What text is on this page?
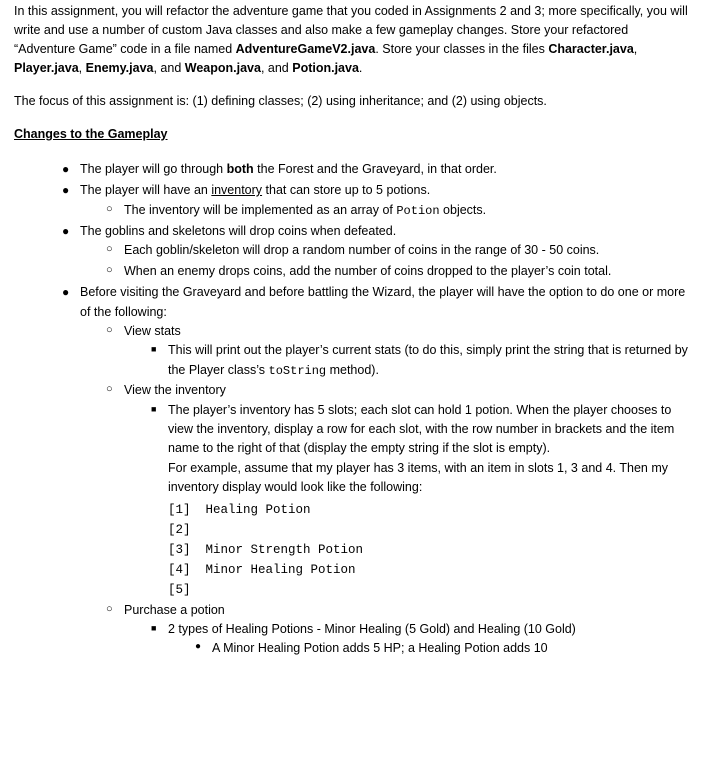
In this assignment, you will refactor the adventure game that you coded in Assignments 2 and 3; more specifically, you will write and use a number of custom Java classes and also make a few gameplay changes. Store your refactored “Adventure Game” code in a file named AdventureGameV2.java. Store your classes in the files Character.java, Player.java, Enemy.java, and Weapon.java, and Potion.java.

The focus of this assignment is: (1) defining classes; (2) using inheritance; and (2) using objects.

Changes to the Gameplay
● The player will go through both the Forest and the Graveyard, in that order.
● The player will have an inventory that can store up to 5 potions.
○ The inventory will be implemented as an array of Potion objects.
● The goblins and skeletons will drop coins when defeated.
○ Each goblin/skeleton will drop a random number of coins in the range of 30 - 50 coins.
○ When an enemy drops coins, add the number of coins dropped to the player’s coin total.
● Before visiting the Graveyard and before battling the Wizard, the player will have the option to do one or more of the following:
○ View stats
■ This will print out the player’s current stats (to do this, simply print the string that is returned by the Player class’s toString method).
○ View the inventory
■ The player’s inventory has 5 slots; each slot can hold 1 potion. When the player chooses to view the inventory, display a row for each slot, with the row number in brackets and the item name to the right of that (display the empty string if the slot is empty).
For example, assume that my player has 3 items, with an item in slots 1, 3 and 4. Then my inventory display would look like the following:
[1]  Healing Potion
[2]
[3]  Minor Strength Potion
[4]  Minor Healing Potion
[5]
○ Purchase a potion
■ 2 types of Healing Potions - Minor Healing (5 Gold) and Healing (10 Gold)
● A Minor Healing Potion adds 5 HP; a Healing Potion adds 10
